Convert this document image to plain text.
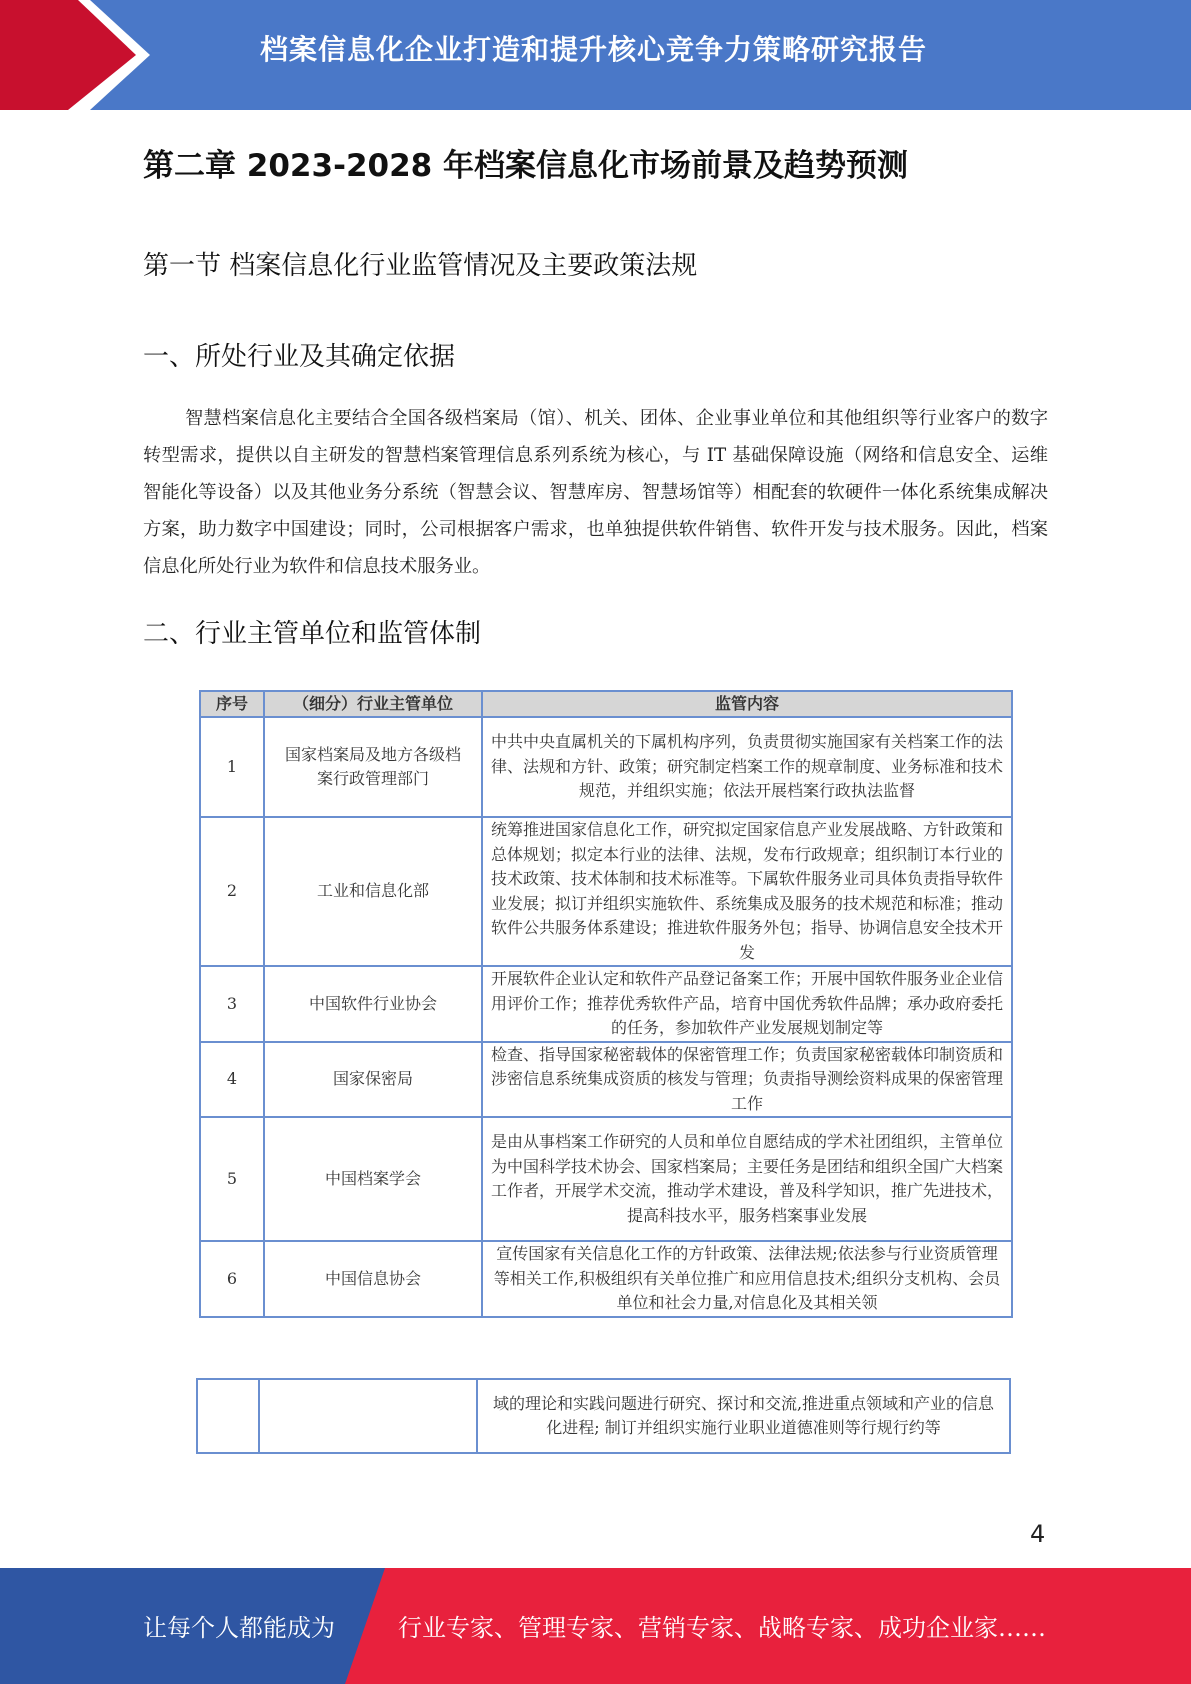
档案信息化企业打造和提升核心竞争力策略研究报告
第二章 2023-2028 年档案信息化市场前景及趋势预测
第一节 档案信息化行业监管情况及主要政策法规
一、所处行业及其确定依据
智慧档案信息化主要结合全国各级档案局（馆）、机关、团体、企业事业单位和其他组织等行业客户的数字转型需求，提供以自主研发的智慧档案管理信息系列系统为核心，与 IT 基础保障设施（网络和信息安全、运维智能化等设备）以及其他业务分系统（智慧会议、智慧库房、智慧场馆等）相配套的软硬件一体化系统集成解决方案，助力数字中国建设；同时，公司根据客户需求，也单独提供软件销售、软件开发与技术服务。因此，档案信息化所处行业为软件和信息技术服务业。
二、行业主管单位和监管体制
序号	（细分）行业主管单位	监管内容
1	国家档案局及地方各级档案行政管理部门	中共中央直属机关的下属机构序列，负责贯彻实施国家有关档案工作的法律、法规和方针、政策；研究制定档案工作的规章制度、业务标准和技术规范，并组织实施；依法开展档案行政执法监督
2	工业和信息化部	统筹推进国家信息化工作，研究拟定国家信息产业发展战略、方针政策和总体规划；拟定本行业的法律、法规，发布行政规章；组织制订本行业的技术政策、技术体制和技术标准等。下属软件服务业司具体负责指导软件业发展；拟订并组织实施软件、系统集成及服务的技术规范和标准；推动软件公共服务体系建设；推进软件服务外包；指导、协调信息安全技术开发
3	中国软件行业协会	开展软件企业认定和软件产品登记备案工作；开展中国软件服务业企业信用评价工作；推荐优秀软件产品，培育中国优秀软件品牌；承办政府委托的任务，参加软件产业发展规划制定等
4	国家保密局	检查、指导国家秘密载体的保密管理工作；负责国家秘密载体印制资质和涉密信息系统集成资质的核发与管理；负责指导测绘资料成果的保密管理工作
5	中国档案学会	是由从事档案工作研究的人员和单位自愿结成的学术社团组织，主管单位为中国科学技术协会、国家档案局；主要任务是团结和组织全国广大档案工作者，开展学术交流，推动学术建设，普及科学知识，推广先进技术，提高科技水平，服务档案事业发展
6	中国信息协会	宣传国家有关信息化工作的方针政策、法律法规;依法参与行业资质管理等相关工作,积极组织有关单位推广和应用信息技术;组织分支机构、会员单位和社会力量,对信息化及其相关领
		域的理论和实践问题进行研究、探讨和交流,推进重点领域和产业的信息化进程; 制订并组织实施行业职业道德准则等行规行约等
4
让每个人都能成为	行业专家、管理专家、营销专家、战略专家、成功企业家……
